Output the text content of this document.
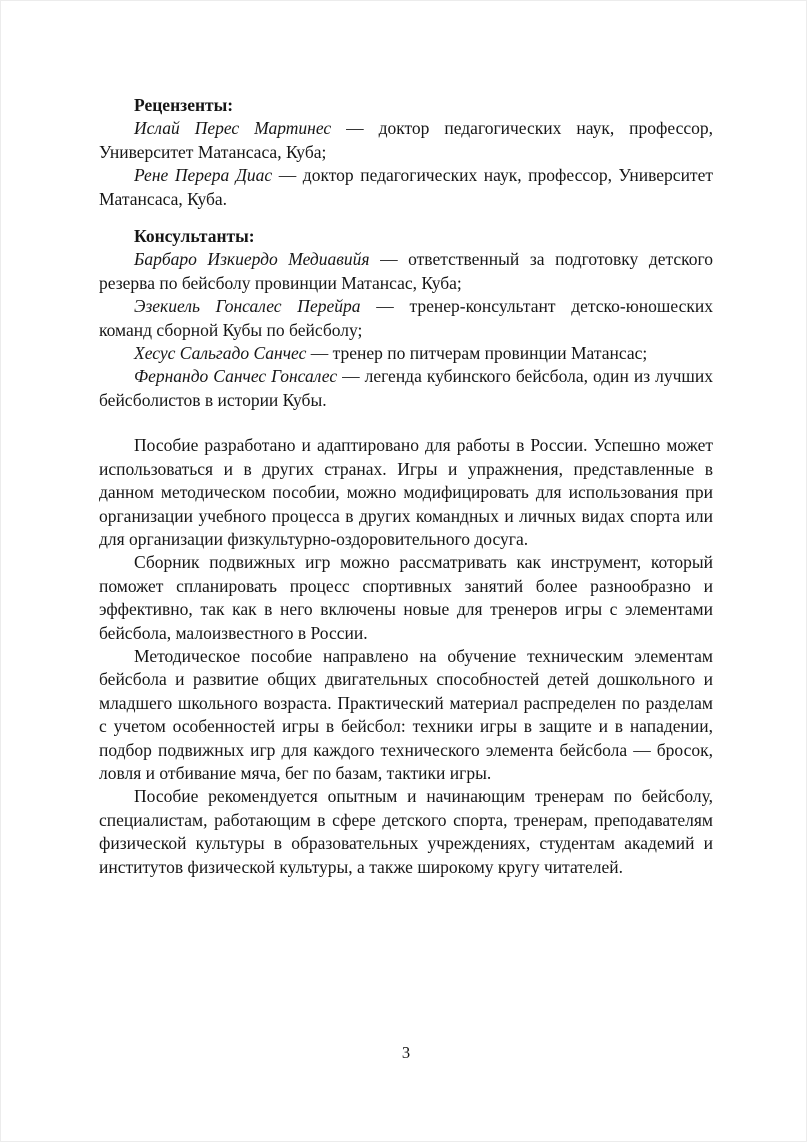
Рецензенты:

Ислай Перес Мартинес — доктор педагогических наук, профессор, Университет Матансаса, Куба;

Рене Перера Диас — доктор педагогических наук, профессор, Университет Матансаса, Куба.

Консультанты:

Барбаро Изкиердо Медиавийя — ответственный за подготовку детского резерва по бейсболу провинции Матансас, Куба;

Эзекиель Гонсалес Перейра — тренер-консультант детско-юношеских команд сборной Кубы по бейсболу;

Хесус Сальгадо Санчес — тренер по питчерам провинции Матансас;

Фернандо Санчес Гонсалес — легенда кубинского бейсбола, один из лучших бейсболистов в истории Кубы.

Пособие разработано и адаптировано для работы в России. Успешно может использоваться и в других странах. Игры и упражнения, представленные в данном методическом пособии, можно модифицировать для использования при организации учебного процесса в других командных и личных видах спорта или для организации физкультурно-оздоровительного досуга.

Сборник подвижных игр можно рассматривать как инструмент, который поможет спланировать процесс спортивных занятий более разнообразно и эффективно, так как в него включены новые для тренеров игры с элементами бейсбола, малоизвестного в России.

Методическое пособие направлено на обучение техническим элементам бейсбола и развитие общих двигательных способностей детей дошкольного и младшего школьного возраста. Практический материал распределен по разделам с учетом особенностей игры в бейсбол: техники игры в защите и в нападении, подбор подвижных игр для каждого технического элемента бейсбола — бросок, ловля и отбивание мяча, бег по базам, тактики игры.

Пособие рекомендуется опытным и начинающим тренерам по бейсболу, специалистам, работающим в сфере детского спорта, тренерам, преподавателям физической культуры в образовательных учреждениях, студентам академий и институтов физической культуры, а также широкому кругу читателей.

3
